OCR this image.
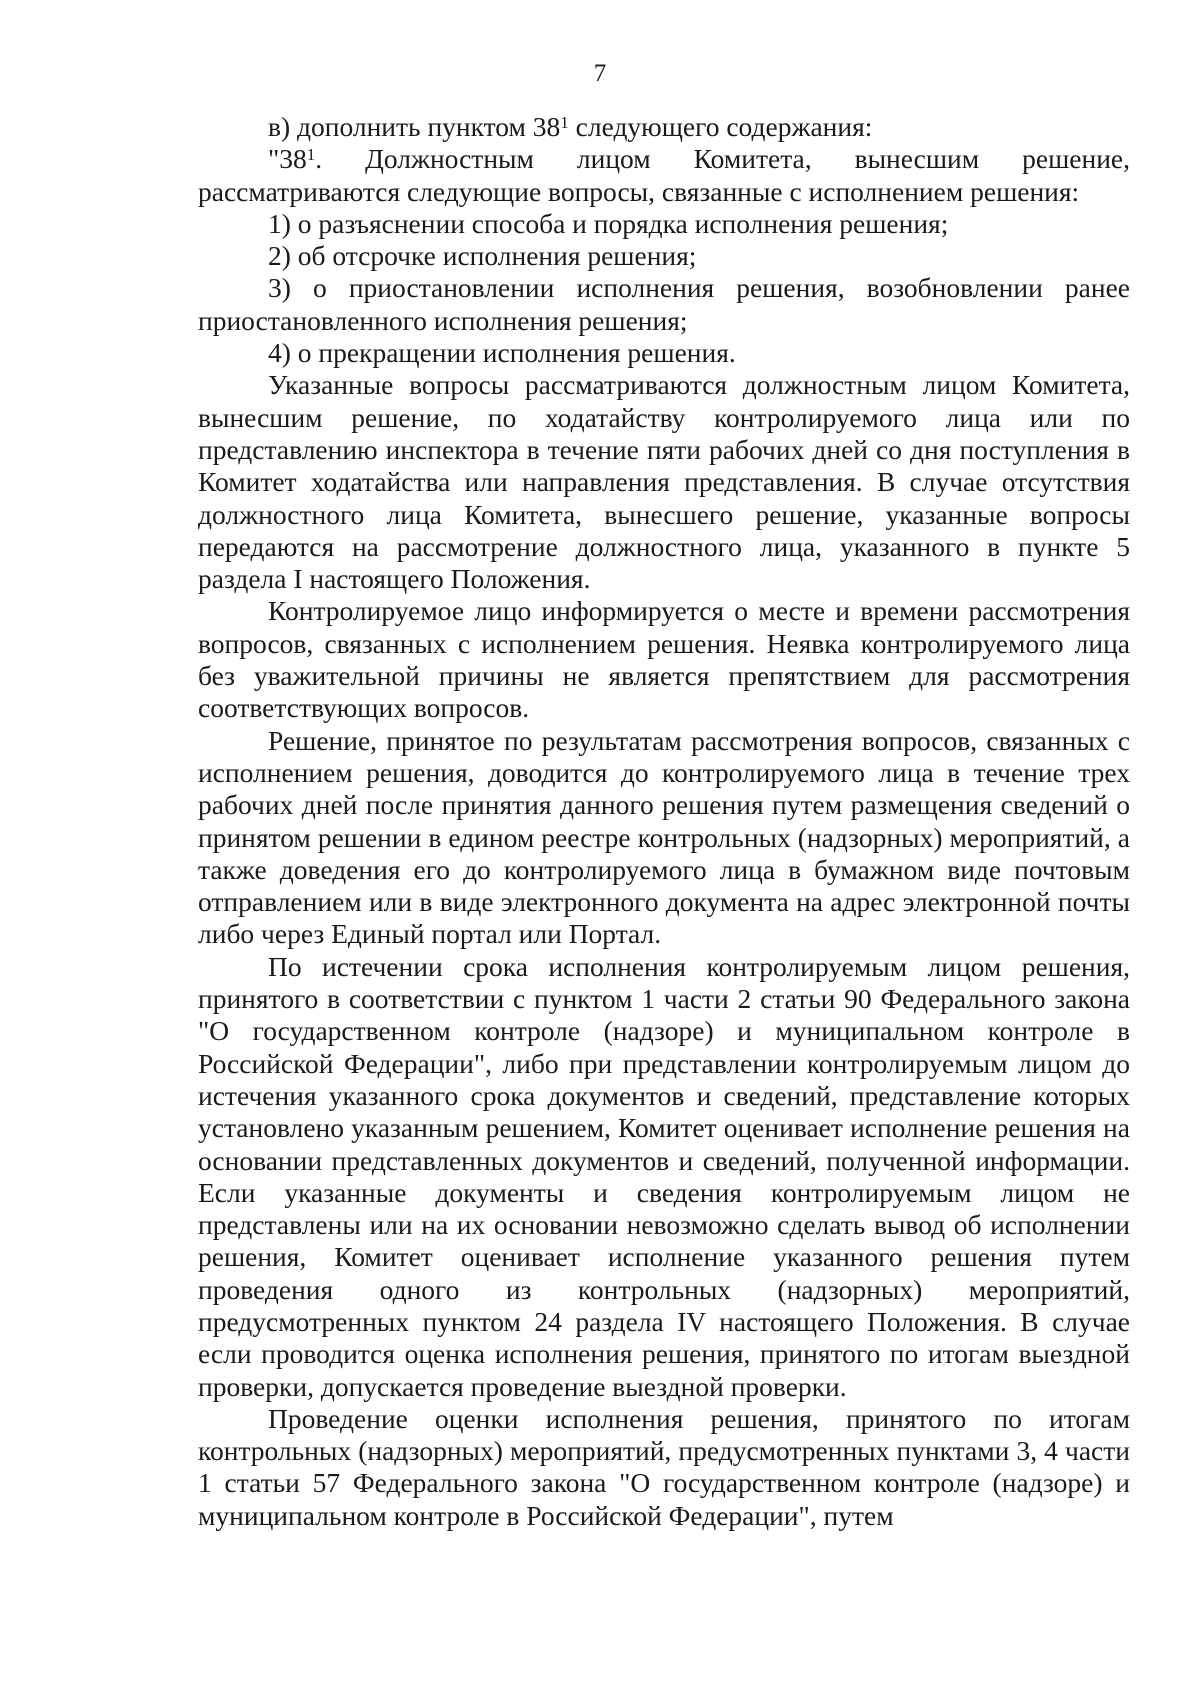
7

в) дополнить пунктом $38^1$ следующего содержания:

"$38^1$. Должностным лицом Комитета, вынесшим решение, рассматриваются следующие вопросы, связанные с исполнением решения:

1) о разъяснении способа и порядка исполнения решения;

2) об отсрочке исполнения решения;

3) о приостановлении исполнения решения, возобновлении ранее приостановленного исполнения решения;

4) о прекращении исполнения решения.

Указанные вопросы рассматриваются должностным лицом Комитета, вынесшим решение, по ходатайству контролируемого лица или по представлению инспектора в течение пяти рабочих дней со дня поступления в Комитет ходатайства или направления представления. В случае отсутствия должностного лица Комитета, вынесшего решение, указанные вопросы передаются на рассмотрение должностного лица, указанного в пункте 5 раздела I настоящего Положения.

Контролируемое лицо информируется о месте и времени рассмотрения вопросов, связанных с исполнением решения. Неявка контролируемого лица без уважительной причины не является препятствием для рассмотрения соответствующих вопросов.

Решение, принятое по результатам рассмотрения вопросов, связанных с исполнением решения, доводится до контролируемого лица в течение трех рабочих дней после принятия данного решения путем размещения сведений о принятом решении в едином реестре контрольных (надзорных) мероприятий, а также доведения его до контролируемого лица в бумажном виде почтовым отправлением или в виде электронного документа на адрес электронной почты либо через Единый портал или Портал.

По истечении срока исполнения контролируемым лицом решения, принятого в соответствии с пунктом 1 части 2 статьи 90 Федерального закона "О государственном контроле (надзоре) и муниципальном контроле в Российской Федерации", либо при представлении контролируемым лицом до истечения указанного срока документов и сведений, представление которых установлено указанным решением, Комитет оценивает исполнение решения на основании представленных документов и сведений, полученной информации. Если указанные документы и сведения контролируемым лицом не представлены или на их основании невозможно сделать вывод об исполнении решения, Комитет оценивает исполнение указанного решения путем проведения одного из контрольных (надзорных) мероприятий, предусмотренных пунктом 24 раздела IV настоящего Положения. В случае если проводится оценка исполнения решения, принятого по итогам выездной проверки, допускается проведение выездной проверки.

Проведение оценки исполнения решения, принятого по итогам контрольных (надзорных) мероприятий, предусмотренных пунктами 3, 4 части 1 статьи 57 Федерального закона "О государственном контроле (надзоре) и муниципальном контроле в Российской Федерации", путем
